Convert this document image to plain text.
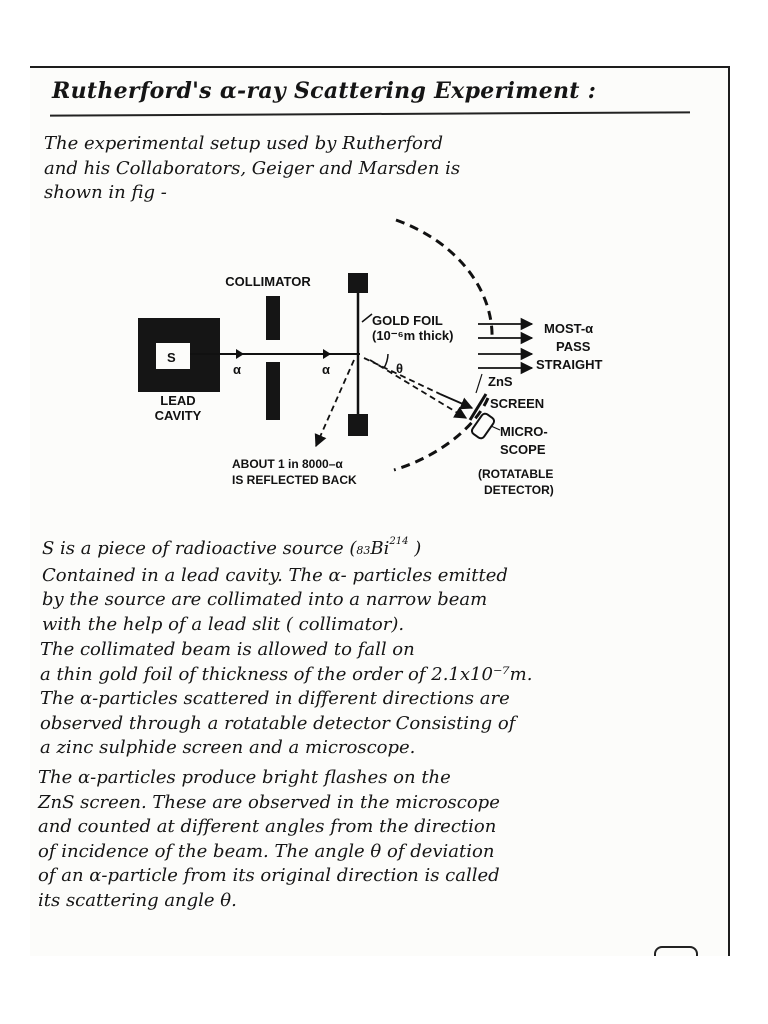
Rutherford's α-ray Scattering Experiment :

The experimental setup used by Rutherford
and his Collaborators, Geiger and Marsden is
shown in fig -

S
LEAD
CAVITY
COLLIMATOR
α	α
GOLD FOIL
(10⁻⁶m thick)	MOST-α
PASS
STRAIGHT
θ
ZnS
SCREEN
MICRO-
SCOPE
(ROTATABLE
DETECTOR)
ABOUT 1 in 8000–α
IS REFLECTED BACK

S is a piece of radioactive source (83Bi$^{214}$ )
Contained in a lead cavity. The α- particles emitted
by the source are collimated into a narrow beam
with the help of a lead slit ( collimator).

The collimated beam is allowed to fall on
a thin gold foil of thickness of the order of 2.1x10⁻⁷m.
The α-particles scattered in different directions are
observed through a rotatable detector Consisting of
a zinc sulphide screen and a microscope.

The α-particles produce bright flashes on the
ZnS screen. These are observed in the microscope
and counted at different angles from the direction
of incidence of the beam. The angle θ of deviation
of an α-particle from its original direction is called
its scattering angle θ.
